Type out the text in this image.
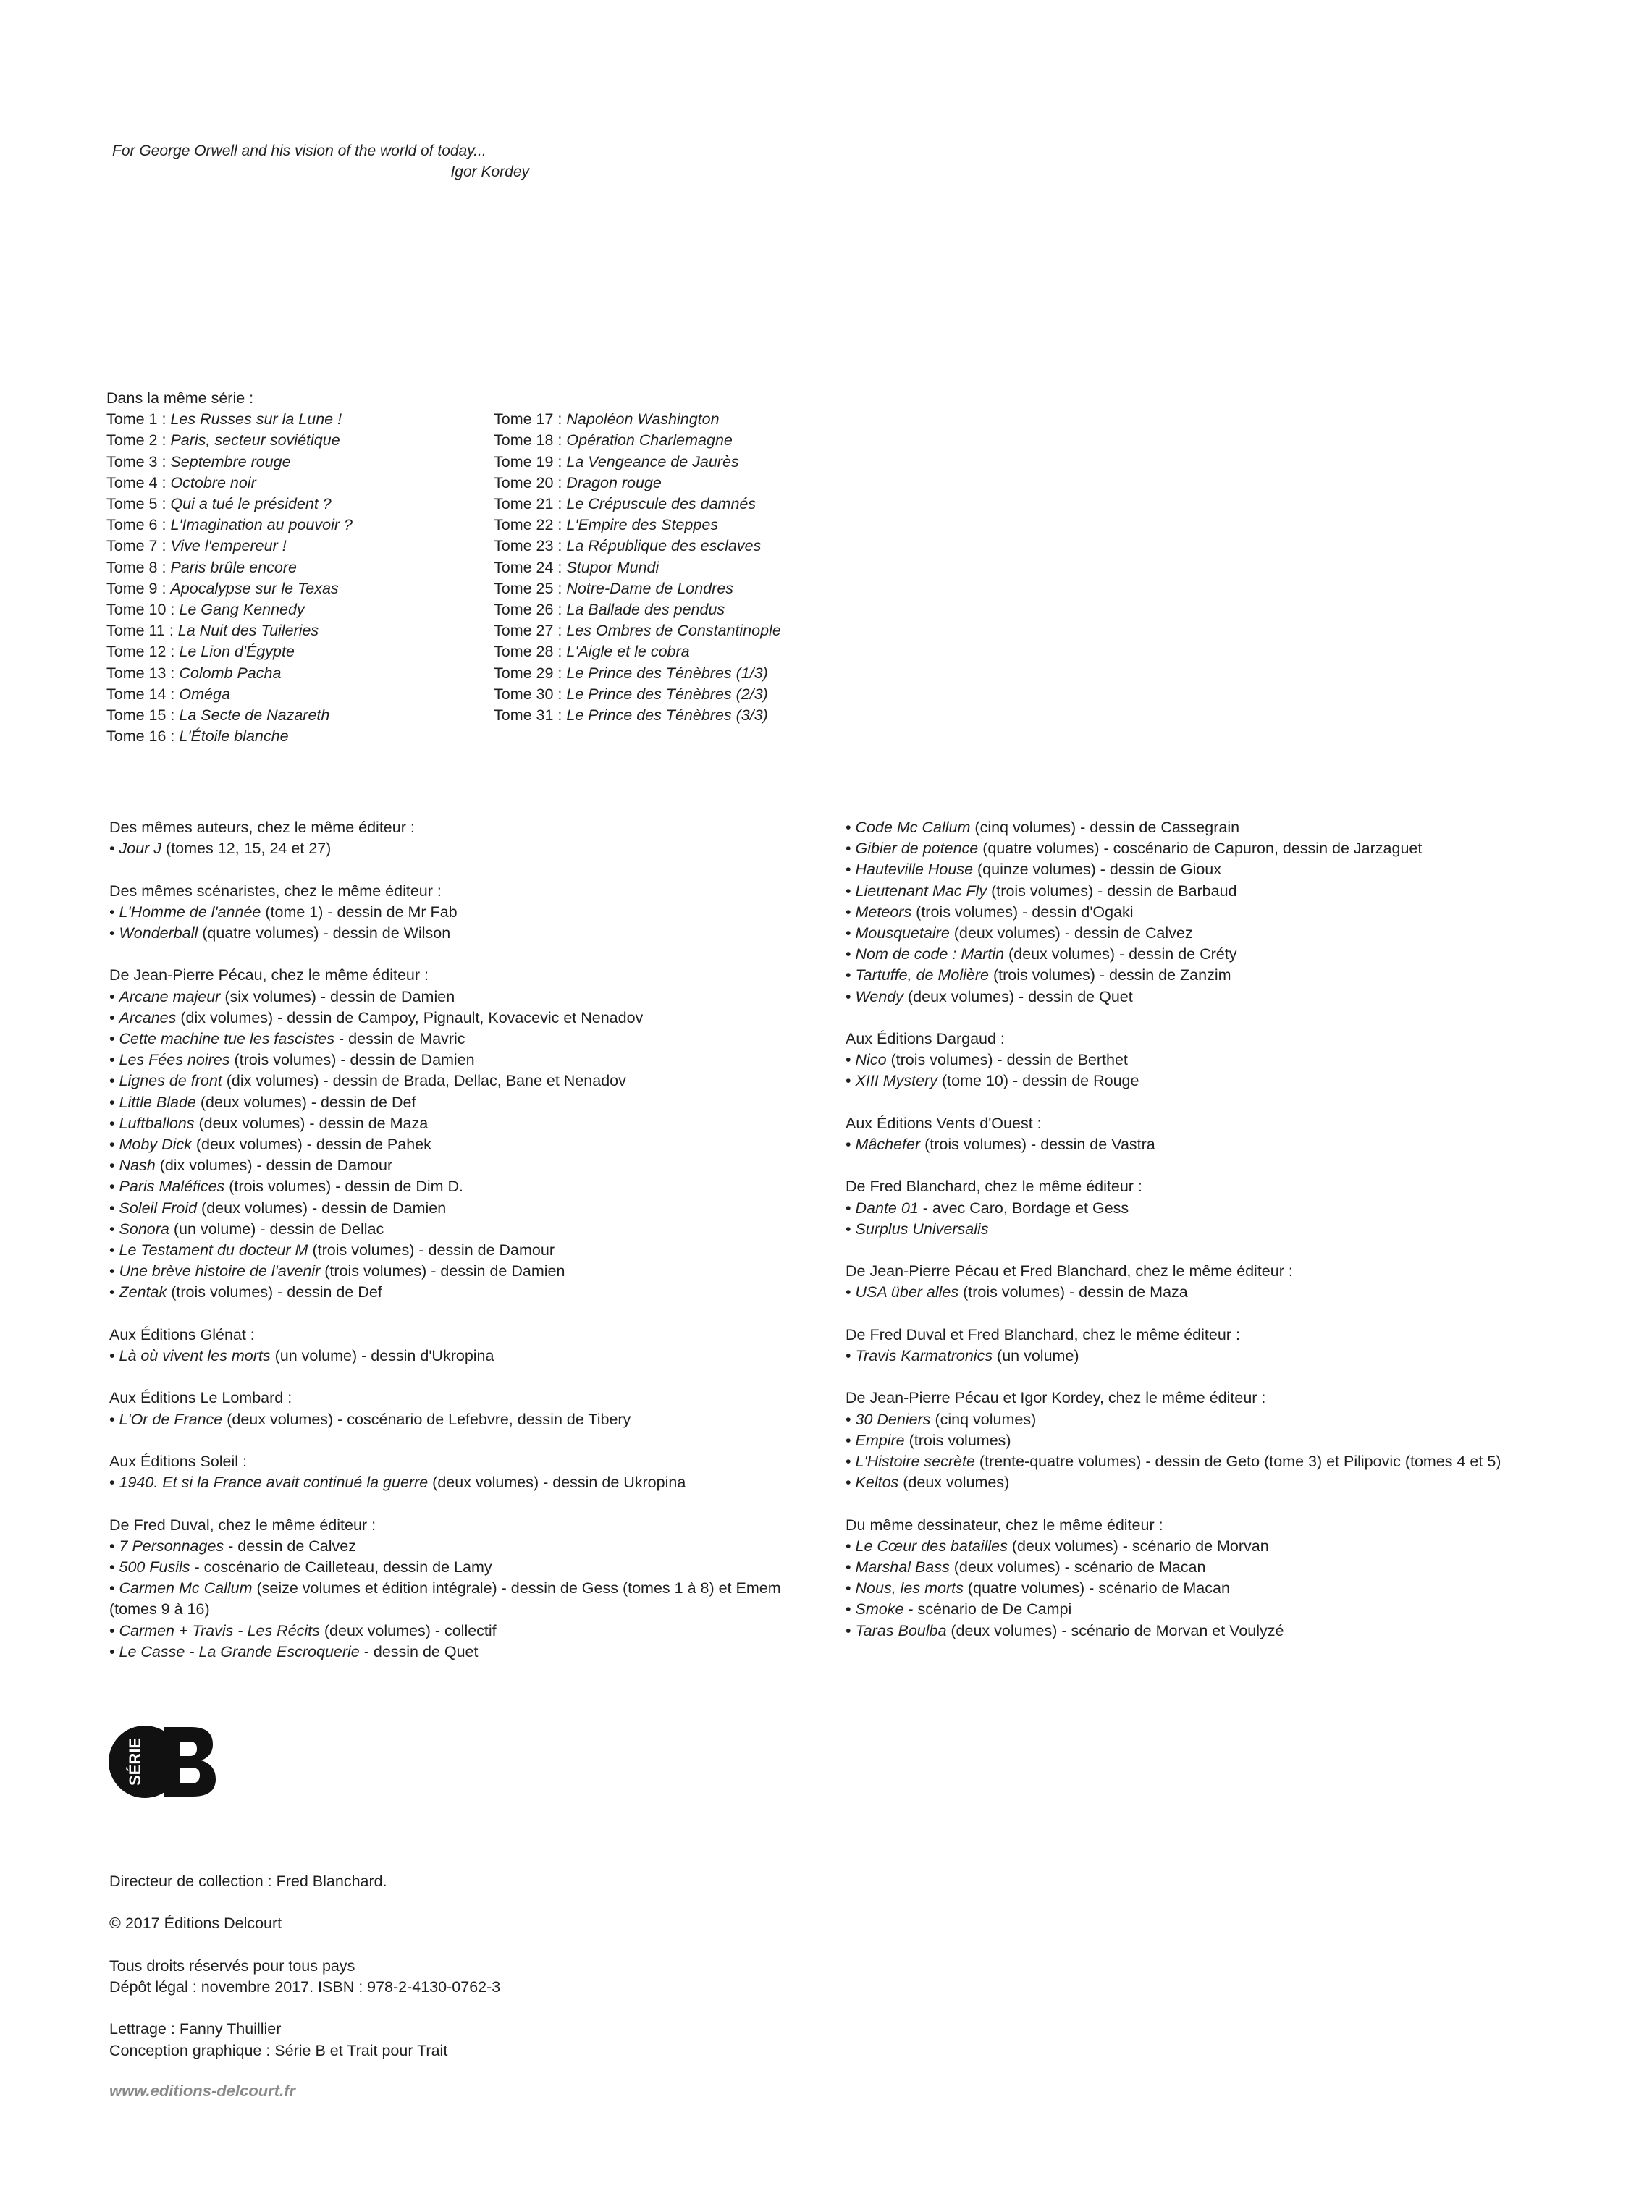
For George Orwell and his vision of the world of today...
Igor Kordey
Dans la même série :
Tome 1 : Les Russes sur la Lune !
Tome 2 : Paris, secteur soviétique
Tome 3 : Septembre rouge
Tome 4 : Octobre noir
Tome 5 : Qui a tué le président ?
Tome 6 : L'Imagination au pouvoir ?
Tome 7 : Vive l'empereur !
Tome 8 : Paris brûle encore
Tome 9 : Apocalypse sur le Texas
Tome 10 : Le Gang Kennedy
Tome 11 : La Nuit des Tuileries
Tome 12 : Le Lion d'Égypte
Tome 13 : Colomb Pacha
Tome 14 : Oméga
Tome 15 : La Secte de Nazareth
Tome 16 : L'Étoile blanche
Tome 17 : Napoléon Washington
Tome 18 : Opération Charlemagne
Tome 19 : La Vengeance de Jaurès
Tome 20 : Dragon rouge
Tome 21 : Le Crépuscule des damnés
Tome 22 : L'Empire des Steppes
Tome 23 : La République des esclaves
Tome 24 : Stupor Mundi
Tome 25 : Notre-Dame de Londres
Tome 26 : La Ballade des pendus
Tome 27 : Les Ombres de Constantinople
Tome 28 : L'Aigle et le cobra
Tome 29 : Le Prince des Ténèbres (1/3)
Tome 30 : Le Prince des Ténèbres (2/3)
Tome 31 : Le Prince des Ténèbres (3/3)
Des mêmes auteurs, chez le même éditeur :
• Jour J (tomes 12, 15, 24 et 27)
Des mêmes scénaristes, chez le même éditeur :
• L'Homme de l'année (tome 1) - dessin de Mr Fab
• Wonderball (quatre volumes) - dessin de Wilson
De Jean-Pierre Pécau, chez le même éditeur :
• Arcane majeur (six volumes) - dessin de Damien
• Arcanes (dix volumes) - dessin de Campoy, Pignault, Kovacevic et Nenadov
• Cette machine tue les fascistes - dessin de Mavric
• Les Fées noires (trois volumes) - dessin de Damien
• Lignes de front (dix volumes) - dessin de Brada, Dellac, Bane et Nenadov
• Little Blade (deux volumes) - dessin de Def
• Luftballons (deux volumes) - dessin de Maza
• Moby Dick (deux volumes) - dessin de Pahek
• Nash (dix volumes) - dessin de Damour
• Paris Maléfices (trois volumes) - dessin de Dim D.
• Soleil Froid (deux volumes) - dessin de Damien
• Sonora (un volume) - dessin de Dellac
• Le Testament du docteur M (trois volumes) - dessin de Damour
• Une brève histoire de l'avenir (trois volumes) - dessin de Damien
• Zentak (trois volumes) - dessin de Def
Aux Éditions Glénat :
• Là où vivent les morts (un volume) - dessin d'Ukropina
Aux Éditions Le Lombard :
• L'Or de France (deux volumes) - coscénario de Lefebvre, dessin de Tibery
Aux Éditions Soleil :
• 1940. Et si la France avait continué la guerre (deux volumes) - dessin de Ukropina
De Fred Duval, chez le même éditeur :
• 7 Personnages - dessin de Calvez
• 500 Fusils - coscénario de Cailleteau, dessin de Lamy
• Carmen Mc Callum (seize volumes et édition intégrale) - dessin de Gess (tomes 1 à 8) et Emem (tomes 9 à 16)
• Carmen + Travis - Les Récits (deux volumes) - collectif
• Le Casse - La Grande Escroquerie - dessin de Quet
• Code Mc Callum (cinq volumes) - dessin de Cassegrain
• Gibier de potence (quatre volumes) - coscénario de Capuron, dessin de Jarzaguet
• Hauteville House (quinze volumes) - dessin de Gioux
• Lieutenant Mac Fly (trois volumes) - dessin de Barbaud
• Meteors (trois volumes) - dessin d'Ogaki
• Mousquetaire (deux volumes) - dessin de Calvez
• Nom de code : Martin (deux volumes) - dessin de Créty
• Tartuffe, de Molière (trois volumes) - dessin de Zanzim
• Wendy (deux volumes) - dessin de Quet
Aux Éditions Dargaud :
• Nico (trois volumes) - dessin de Berthet
• XIII Mystery (tome 10) - dessin de Rouge
Aux Éditions Vents d'Ouest :
• Mâchefer (trois volumes) - dessin de Vastra
De Fred Blanchard, chez le même éditeur :
• Dante 01 - avec Caro, Bordage et Gess
• Surplus Universalis
De Jean-Pierre Pécau et Fred Blanchard, chez le même éditeur :
• USA über alles (trois volumes) - dessin de Maza
De Fred Duval et Fred Blanchard, chez le même éditeur :
• Travis Karmatronics (un volume)
De Jean-Pierre Pécau et Igor Kordey, chez le même éditeur :
• 30 Deniers (cinq volumes)
• Empire (trois volumes)
• L'Histoire secrète (trente-quatre volumes) - dessin de Geto (tome 3) et Pilipovic (tomes 4 et 5)
• Keltos (deux volumes)
Du même dessinateur, chez le même éditeur :
• Le Cœur des batailles (deux volumes) - scénario de Morvan
• Marshal Bass (deux volumes) - scénario de Macan
• Nous, les morts (quatre volumes) - scénario de Macan
• Smoke - scénario de De Campi
• Taras Boulba (deux volumes) - scénario de Morvan et Voulyzé
SÉRIE
Directeur de collection : Fred Blanchard.
© 2017 Éditions Delcourt
Tous droits réservés pour tous pays
Dépôt légal : novembre 2017. ISBN : 978-2-4130-0762-3
Lettrage : Fanny Thuillier
Conception graphique : Série B et Trait pour Trait
www.editions-delcourt.fr
